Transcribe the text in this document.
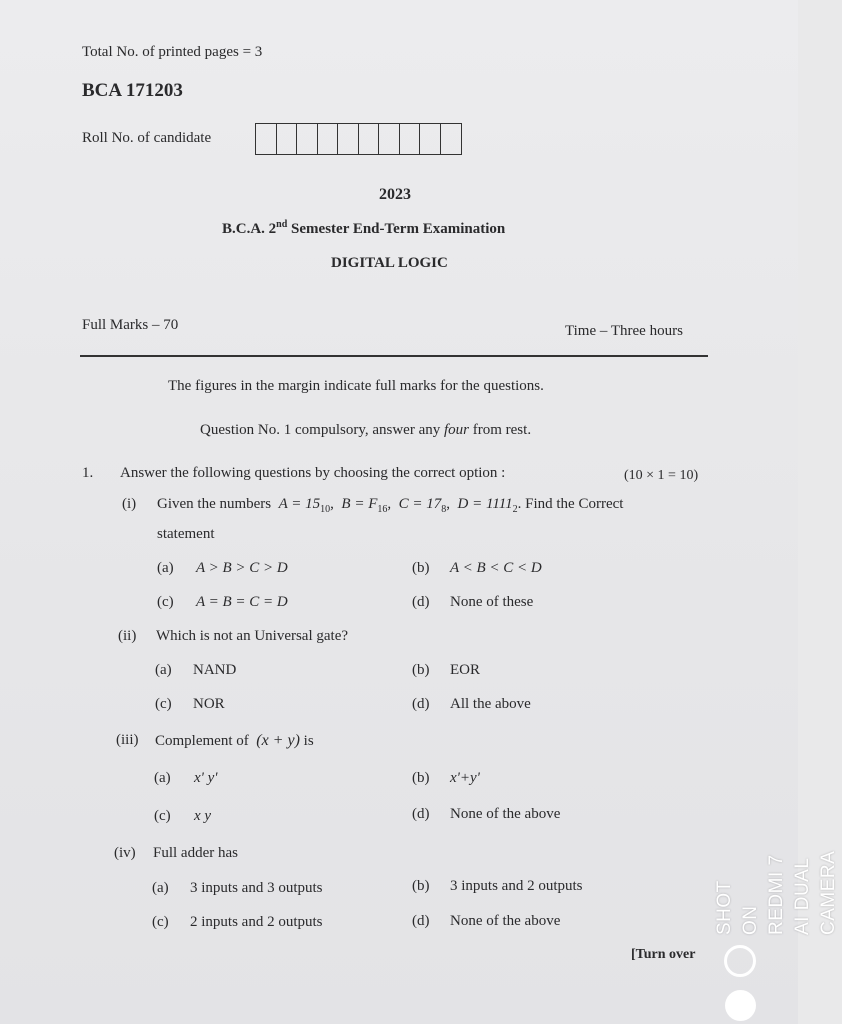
Total No. of printed pages = 3
BCA 171203
Roll No. of candidate
2023
B.C.A. 2nd Semester End-Term Examination
DIGITAL LOGIC
Full Marks – 70	Time – Three hours
The figures in the margin indicate full marks for the questions.
Question No. 1 compulsory, answer any four from rest.
1. Answer the following questions by choosing the correct option :	(10 × 1 = 10)
(i) Given the numbers $A = 15_{10}$,  $B = F_{16}$,  $C = 17_8$,  $D = 1111_2$. Find the Correct
statement
(a) A > B > C > D	(b) A < B < C < D
(c) A = B = C = D	(d) None of these
(ii) Which is not an Universal gate?
(a) NAND	(b) EOR
(c) NOR	(d) All the above
(iii) Complement of (x + y) is
(a) x' y'	(b) x'+y'
(c) x y	(d) None of the above
(iv) Full adder has
(a) 3 inputs and 3 outputs	(b) 3 inputs and 2 outputs
(c) 2 inputs and 2 outputs	(d) None of the above
[Turn over
SHOT ON REDMI 7 AI DUAL CAMERA
